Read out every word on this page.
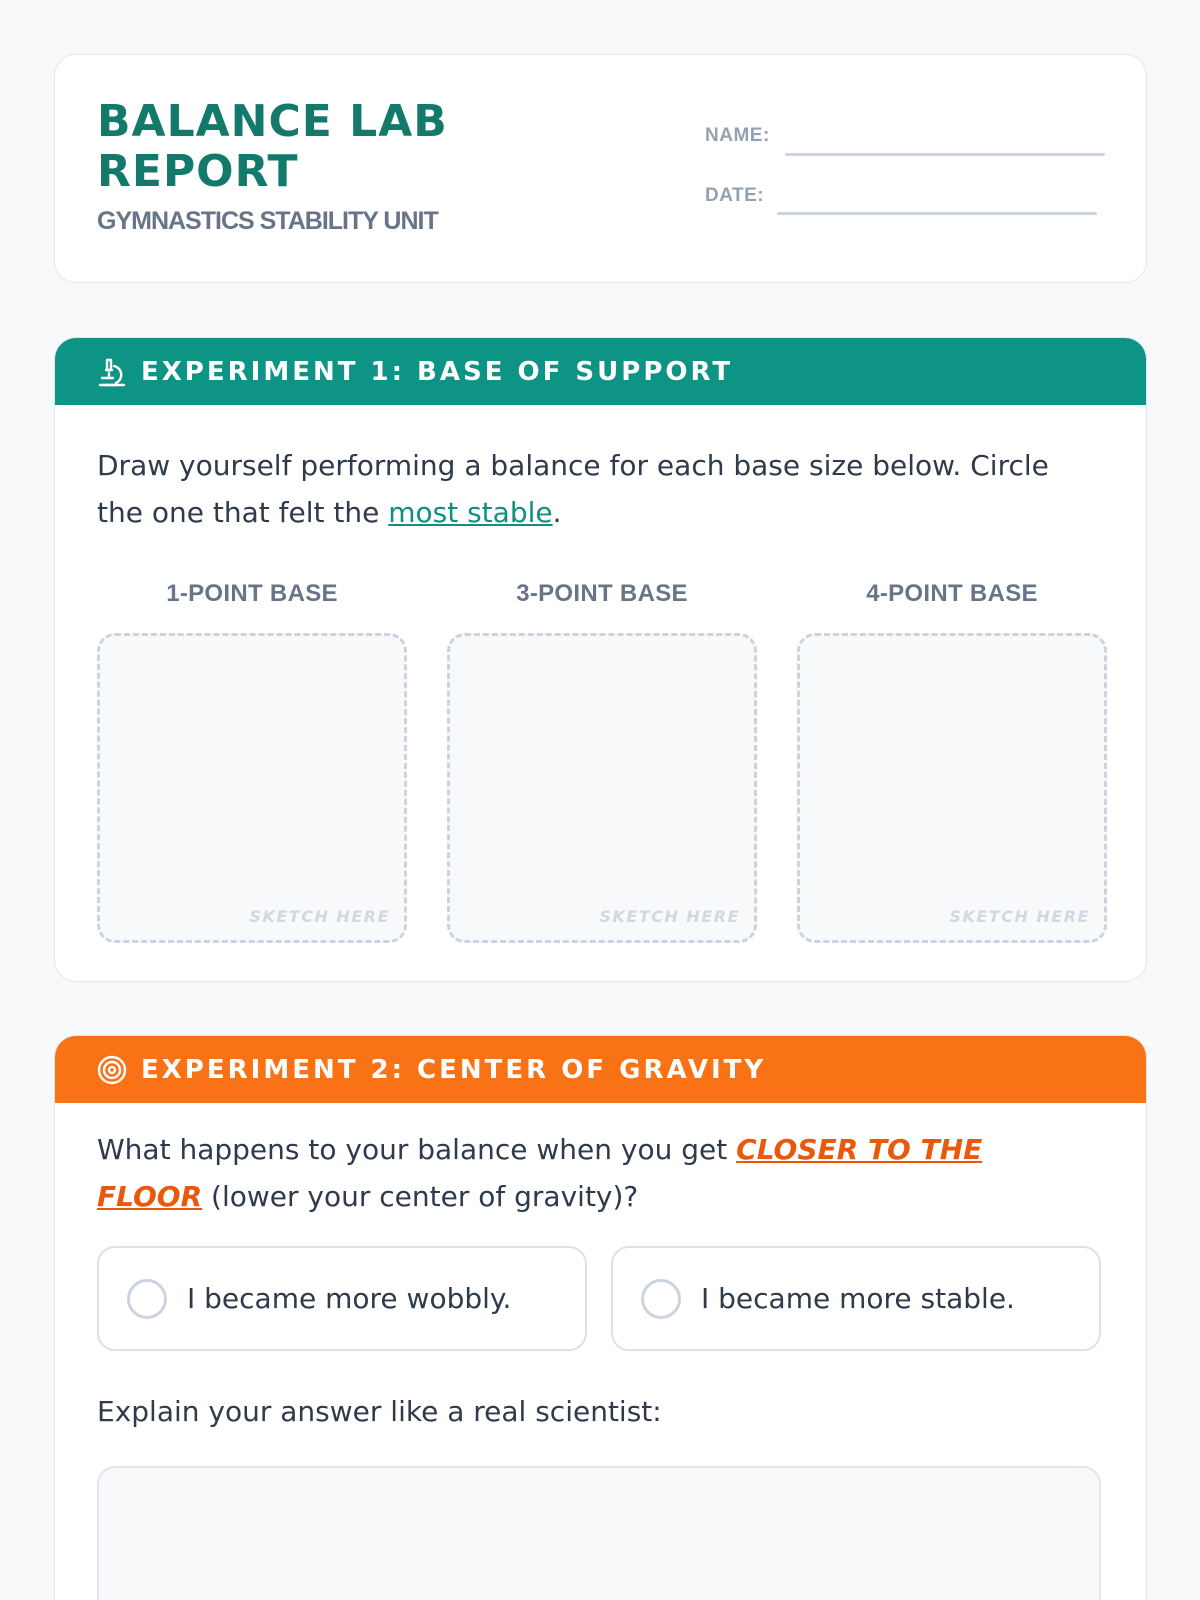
BALANCE LAB REPORT
GYMNASTICS STABILITY UNIT
NAME:
DATE:
EXPERIMENT 1: BASE OF SUPPORT
Draw yourself performing a balance for each base size below. Circle the one that felt the most stable.
1-POINT BASE	3-POINT BASE	4-POINT BASE
SKETCH HERE	SKETCH HERE	SKETCH HERE
EXPERIMENT 2: CENTER OF GRAVITY
What happens to your balance when you get CLOSER TO THE FLOOR (lower your center of gravity)?
I became more wobbly.	I became more stable.
Explain your answer like a real scientist:
